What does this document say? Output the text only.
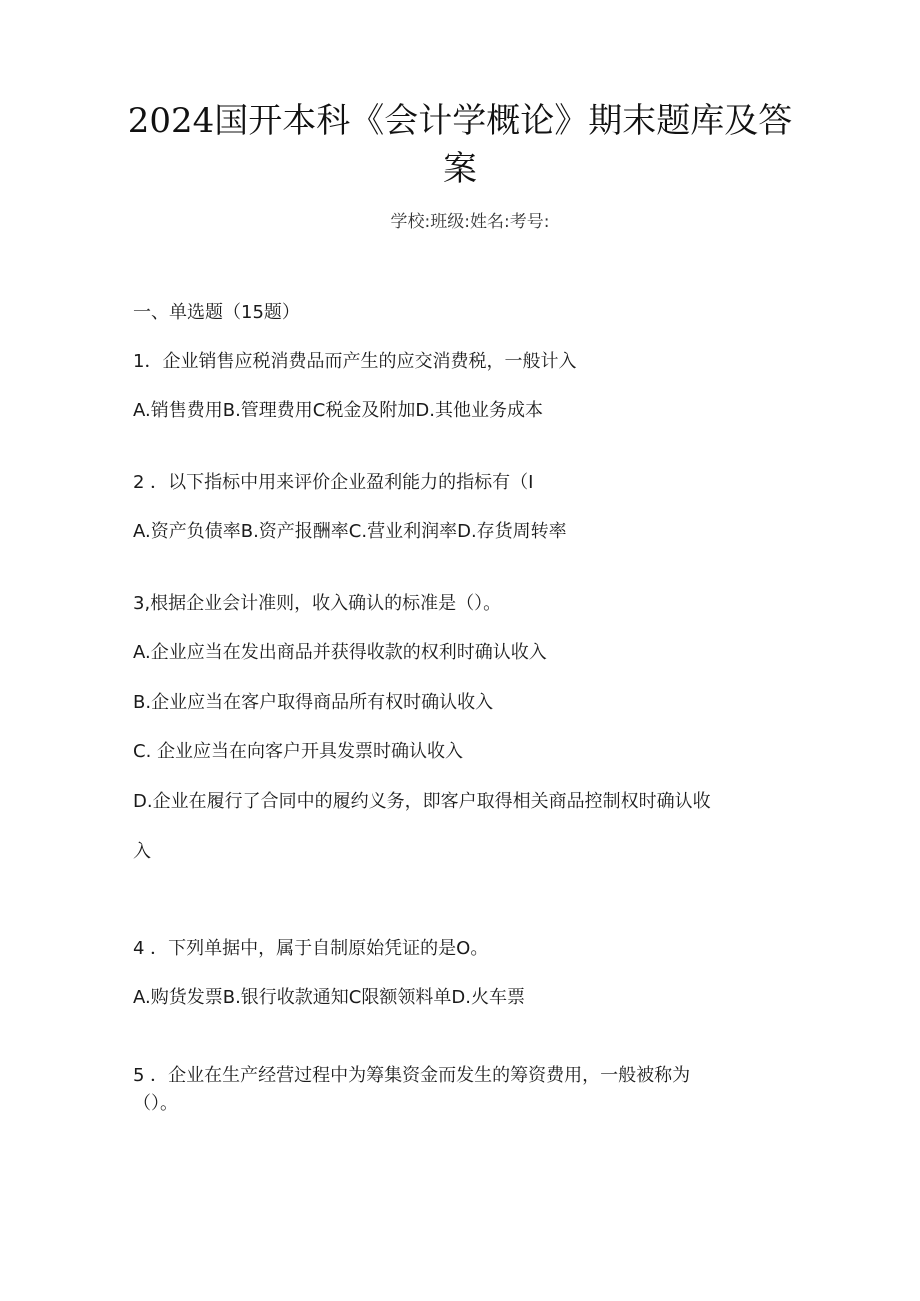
2024国开本科《会计学概论》期末题库及答
案
学校:班级:姓名:考号:
一、单选题（15题）
1．企业销售应税消费品而产生的应交消费税，一般计入
A.销售费用B.管理费用C税金及附加D.其他业务成本
2 ．以下指标中用来评价企业盈利能力的指标有（I
A.资产负债率B.资产报酬率C.营业利润率D.存货周转率
3,根据企业会计准则，收入确认的标准是（）。
A.企业应当在发出商品并获得收款的权利时确认收入
B.企业应当在客户取得商品所有权时确认收入
C. 企业应当在向客户开具发票时确认收入
D.企业在履行了合同中的履约义务，即客户取得相关商品控制权时确认收
入
4 ．下列单据中，属于自制原始凭证的是O。
A.购货发票B.银行收款通知C限额领料单D.火车票
5 ．企业在生产经营过程中为筹集资金而发生的筹资费用，一般被称为
（）。
